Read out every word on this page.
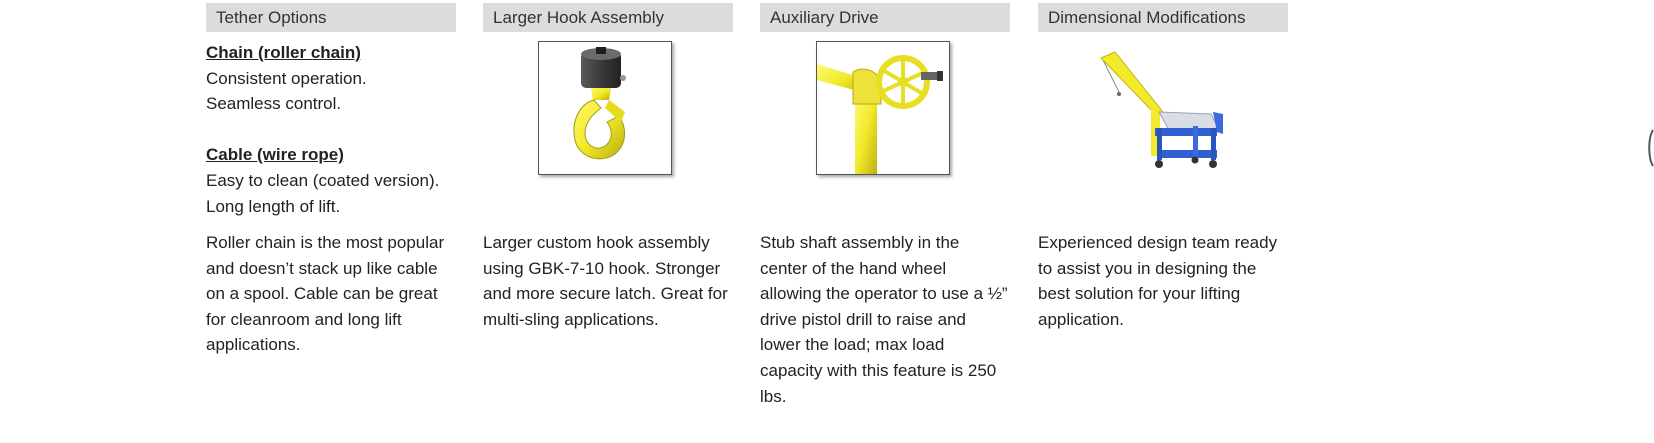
Tether Options
Chain (roller chain)
Consistent operation.
Seamless control.
Cable (wire rope)
Easy to clean (coated version).
Long length of lift.
Roller chain is the most popular
and doesn’t stack up like cable
on a spool. Cable can be great
for cleanroom and long lift
applications.
Larger Hook Assembly
Larger custom hook assembly
using GBK-7-10 hook. Stronger
and more secure latch. Great for
multi-sling applications.
Auxiliary Drive
Stub shaft assembly in the
center of the hand wheel
allowing the operator to use a ½”
drive pistol drill to raise and
lower the load; max load
capacity with this feature is 250
lbs.
Dimensional Modifications
Experienced design team ready
to assist you in designing the
best solution for your lifting
application.
